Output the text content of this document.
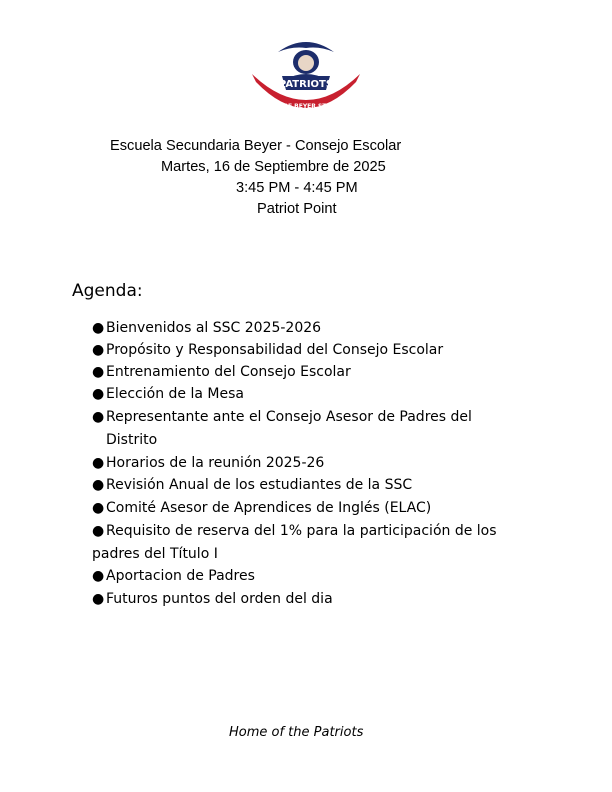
PATRIOTS
WE ARE BEYER STRONG
Escuela Secundaria Beyer - Consejo Escolar
Martes, 16 de Septiembre de 2025
3:45 PM - 4:45 PM
Patriot Point
Agenda:
● Bienvenidos al SSC 2025-2026
● Propósito y Responsabilidad del Consejo Escolar
● Entrenamiento del Consejo Escolar
● Elección de la Mesa
● Representante ante el Consejo Asesor de Padres del
Distrito
● Horarios de la reunión 2025-26
● Revisión Anual de los estudiantes de la SSC
● Comité Asesor de Aprendices de Inglés (ELAC)
● Requisito de reserva del 1% para la participación de los
padres del Título I
● Aportacion de Padres
● Futuros puntos del orden del dia
Home of the Patriots
